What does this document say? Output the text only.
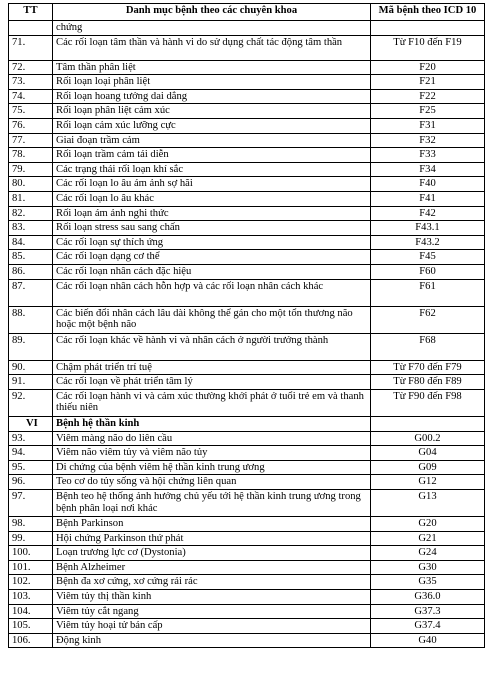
TT	Danh mục bệnh theo các chuyên khoa	Mã bệnh theo ICD 10
	chứng	
71.	Các rối loạn tâm thần và hành vi do sử dụng chất tác động tâm thần	Từ F10 đến F19
72.	Tâm thần phân liệt	F20
73.	Rối loạn loại phân liệt	F21
74.	Rối loạn hoang tưởng dai dẳng	F22
75.	Rối loạn phân liệt cảm xúc	F25
76.	Rối loạn cảm xúc lưỡng cực	F31
77.	Giai đoạn trầm cảm	F32
78.	Rối loạn trầm cảm tái diễn	F33
79.	Các trạng thái rối loạn khí sắc	F34
80.	Các rối loạn lo âu ám ảnh sợ hãi	F40
81.	Các rối loạn lo âu khác	F41
82.	Rối loạn ám ảnh nghi thức	F42
83.	Rối loạn stress sau sang chấn	F43.1
84.	Các rối loạn sự thích ứng	F43.2
85.	Các rối loạn dạng cơ thể	F45
86.	Các rối loạn nhân cách đặc hiệu	F60
87.	Các rối loạn nhân cách hỗn hợp và các rối loạn nhân cách khác	F61
88.	Các biến đổi nhân cách lâu dài không thể gán cho một tổn thương não hoặc một bệnh não	F62
89.	Các rối loạn khác về hành vi và nhân cách ở người trưởng thành	F68
90.	Chậm phát triển trí tuệ	Từ F70 đến F79
91.	Các rối loạn về phát triển tâm lý	Từ F80 đến F89
92.	Các rối loạn hành vi và cảm xúc thường khởi phát ở tuổi trẻ em và thanh thiếu niên	Từ F90 đến F98
VI	Bệnh hệ thần kinh	
93.	Viêm màng não do liên cầu	G00.2
94.	Viêm não viêm tủy và viêm não tủy	G04
95.	Di chứng của bệnh viêm hệ thần kinh trung ương	G09
96.	Teo cơ do tủy sống và hội chứng liên quan	G12
97.	Bệnh teo hệ thống ảnh hưởng chủ yếu tới hệ thần kinh trung ương trong bệnh phân loại nơi khác	G13
98.	Bệnh Parkinson	G20
99.	Hội chứng Parkinson thứ phát	G21
100.	Loạn trương lực cơ (Dystonia)	G24
101.	Bệnh Alzheimer	G30
102.	Bệnh đa xơ cứng, xơ cứng rải rác	G35
103.	Viêm tủy thị thần kinh	G36.0
104.	Viêm tủy cắt ngang	G37.3
105.	Viêm tủy hoại tử bán cấp	G37.4
106.	Động kinh	G40
